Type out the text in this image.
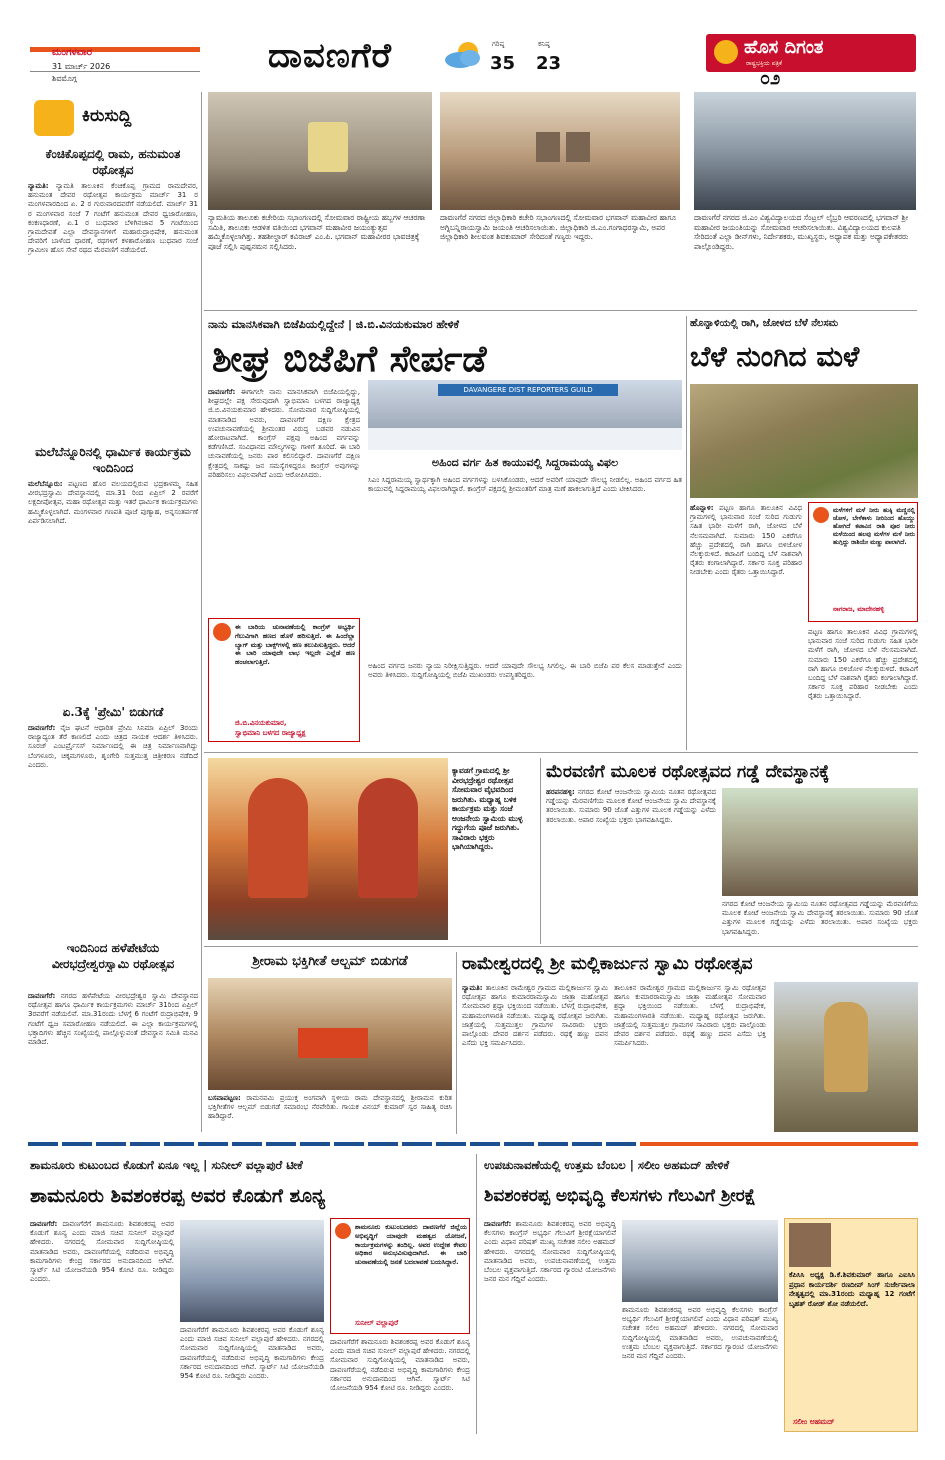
ಮಂಗಳವಾರ
31 ಮಾರ್ಚ್ 2026
ಶಿವಮೊಗ್ಗ
ದಾವಣಗೆರೆ	ಗರಿಷ್ಠ
35
ಕನಿಷ್ಠ
23
ಹೊಸ ದಿಗಂತ
ರಾಷ್ಟ್ರಭಕ್ತಿಯ ಪತ್ರಿಕೆ
೦೨
ಕಿರುಸುದ್ದಿ
ಕೆಂಚಿಕೊಪ್ಪದಲ್ಲಿ ರಾಮ, ಹನುಮಂತ ರಥೋತ್ಸವ
ನ್ಯಾಮತಿ: ನ್ಯಾಮತಿ ತಾಲೂಕಿನ ಕೆಂಚಿಕೊಪ್ಪ ಗ್ರಾಮದ ರಾಮದೇವರ, ಹನುಮಂತ ದೇವರ ರಥೋತ್ಸವ ಕಾರ್ಯಕ್ರಮ ಮಾರ್ಚ್ 31 ರ ಮಂಗಳವಾರದಿಂದ ಏ. 2 ರ ಗುರುವಾರದವರೆಗೆ ನಡೆಯಲಿದೆ. ಮಾರ್ಚ್ 31 ರ ಮಂಗಳವಾರ ಸಂಜೆ 7 ಗಂಟೆಗೆ ಹನುಮಂತ ದೇವರ ಧ್ವಜಾರೋಹಣ, ಕಂಕಣಧಾರಣೆ, ಏ.1 ರ ಬುಧವಾರ ಬೆಳಿಗಿನಜಾವ 5 ಗಂಟೆಯಿಂದ ಗ್ರಾಮದೇವತೆ ಎಲ್ಲಾ ದೇವಸ್ಥಾನಗಳಿಗೆ ಮಹಾರುದ್ರಾಭಿಷೇಕ, ಹನುಮಂತ ದೇವರಿಗೆ ಬಾಳೆಂದ ಧಾರಣೆ, ರಥಗಳಿಗೆ ಕಳಶಾರೋಹಣ ಬುಧವಾರ ಸಂಜೆ ಗ್ರಾಮೀಣ ಹೊಸ ಸೇವೆ ರಥದ ಮೆರವಣಿಗೆ ನಡೆಯಲಿದೆ.
ಮಲೆಬೆನ್ನೂರಿನಲ್ಲಿ ಧಾರ್ಮಿಕ ಕಾರ್ಯಕ್ರಮ ಇಂದಿನಿಂದ
ಮಲೆಬೆನ್ನೂರು: ಪಟ್ಟಣದ ಹೊರ ವಲಯದಲ್ಲಿರುವ ಭದ್ರಕಾಳಮ್ಮ ಸಹಿತ ವೀರಭದ್ರಸ್ವಾಮಿ ದೇವಸ್ಥಾನದಲ್ಲಿ ಮಾ.31 ರಿಂದ ಏಪ್ರಿಲ್ 2 ರವರೆಗೆ ಲಕ್ಷದೀಪೋತ್ಸವ, ಮಹಾ ರಥೋತ್ಸವ ಮತ್ತು ಇತರೆ ಧಾರ್ಮಿಕ ಕಾರ್ಯಕ್ರಮಗಳು ಹಮ್ಮಿಕೊಳ್ಳಲಾಗಿದೆ. ಮಂಗಳವಾರ ಗಣಪತಿ ಪೂಜೆ ಪುಣ್ಯಾಹ, ಅನ್ನಸಂತರ್ಪಣೆ ಏರ್ಪಡಿಸಲಾಗಿದೆ.
ಏ.3ಕ್ಕೆ 'ಪ್ರೇಮಿ' ಬಿಡುಗಡೆ
ದಾವಣಗೆರೆ: ನೈಜ ಘಟನೆ ಆಧಾರಿತ ಪ್ರೇಮಿ ಸಿನಿಮಾ ಏಪ್ರಿಲ್ 3ರಂದು ರಾಜ್ಯಾದ್ಯಂತ ತೆರೆ ಕಾಣಲಿದೆ ಎಂದು ಚಿತ್ರದ ನಾಯಕ ಆದರ್ಶ ತಿಳಿಸಿದರು. ಸೂರಜ್ ಎಂಟರ್ಪ್ರೈಸಸ್ ನಿರ್ಮಾಣದಲ್ಲಿ ಈ ಚಿತ್ರ ನಿರ್ಮಾಣವಾಗಿದ್ದು ಬೆಂಗಳೂರು, ಚಿಕ್ಕಮಗಳೂರು, ಶೃಂಗೇರಿ ಸುತ್ತಮುತ್ತ ಚಿತ್ರೀಕರಣ ನಡೆದಿದೆ ಎಂದರು.
ಇಂದಿನಿಂದ ಹಳೆಪೇಟೆಯ ವೀರಭದ್ರೇಶ್ವರಸ್ವಾಮಿ ರಥೋತ್ಸವ
ದಾವಣಗೆರೆ: ನಗರದ ಹಳೆಪೇಟೆಯ ವೀರಭದ್ರೇಶ್ವರ ಸ್ವಾಮಿ ದೇವಸ್ಥಾನದ ರಥೋತ್ಸವ ಹಾಗೂ ಧಾರ್ಮಿಕ ಕಾರ್ಯಕ್ರಮಗಳು ಮಾರ್ಚ್ 31ರಿಂದ ಏಪ್ರಿಲ್ 3ರವರೆಗೆ ನಡೆಯಲಿವೆ. ಮಾ.31ರಂದು ಬೆಳಗ್ಗೆ 6 ಗಂಟೆಗೆ ರುದ್ರಾಭಿಷೇಕ, 9 ಗಂಟೆಗೆ ಧ್ವಜ ಸಮಾರೋಹಣ ನಡೆಯಲಿದೆ. ಈ ಎಲ್ಲಾ ಕಾರ್ಯಕ್ರಮಗಳಲ್ಲಿ ಭಕ್ತಾದಿಗಳು ಹೆಚ್ಚಿನ ಸಂಖ್ಯೆಯಲ್ಲಿ ಪಾಲ್ಗೊಳ್ಳುವಂತೆ ದೇವಸ್ಥಾನ ಸಮಿತಿ ಮನವಿ ಮಾಡಿದೆ.
ನ್ಯಾಮತಿಯ ತಾಲೂಕು ಕಚೇರಿಯ ಸಭಾಂಗಣದಲ್ಲಿ ಸೋಮವಾರ ರಾಷ್ಟ್ರೀಯ ಹಬ್ಬಗಳ ಆಚರಣಾ ಸಮಿತಿ, ತಾಲೂಕು ಆಡಳಿತ ವತಿಯಿಂದ ಭಗವಾನ್ ಮಹಾವೀರ ಜಯಂತ್ಯುತ್ಸವ ಹಮ್ಮಿಕೊಳ್ಳಲಾಗಿತ್ತು. ತಹಶೀಲ್ದಾರ್ ಕವಿರಾಜ್ ಎಂ.ಪಿ. ಭಗವಾನ್ ಮಹಾವೀರರ ಭಾವಚಿತ್ರಕ್ಕೆ ಪೂಜೆ ಸಲ್ಲಿಸಿ ಪುಷ್ಪನಮನ ಸಲ್ಲಿಸಿದರು.
ದಾವಣಗೆರೆ ನಗರದ ಜಿಲ್ಲಾಧಿಕಾರಿ ಕಚೇರಿ ಸಭಾಂಗಣದಲ್ಲಿ ಸೋಮವಾರ ಭಗವಾನ್ ಮಹಾವೀರ ಹಾಗೂ ಅಗ್ನಿಬನ್ನಿರಾಯಸ್ವಾಮಿ ಜಯಂತಿ ಆಚರಿಸಲಾಯಿತು. ಜಿಲ್ಲಾಧಿಕಾರಿ ಜಿ.ಎಂ.ಗಂಗಾಧರಸ್ವಾಮಿ, ಅಪರ ಜಿಲ್ಲಾಧಿಕಾರಿ ಶೀಲವಂತ ಶಿವಕುಮಾರ್ ಸೇರಿದಂತೆ ಗಣ್ಯರು ಇದ್ದರು.
ದಾವಣಗೆರೆ ನಗರದ ಜಿ.ಎಂ ವಿಶ್ವವಿದ್ಯಾಲಯದ ಸೆಂಟ್ರಲ್ ಲೈಬ್ರರಿ ಆವರಣದಲ್ಲಿ ಭಗವಾನ್ ಶ್ರೀ ಮಹಾವೀರ ಜಯಂತಿಯನ್ನು ಸೋಮವಾರ ಆಚರಿಸಲಾಯಿತು. ವಿಶ್ವವಿದ್ಯಾಲಯದ ಕುಲಪತಿ ಸೇರಿದಂತೆ ಎಲ್ಲಾ ಡೀನ್‌ಗಳು, ನಿರ್ದೇಶಕರು, ಮುಖ್ಯಸ್ಥರು, ಅಧ್ಯಾಪಕ ಮತ್ತು ಅಧ್ಯಾಪಕೇತರರು ಪಾಲ್ಗೊಂಡಿದ್ದರು.
ನಾನು ಮಾನಸಿಕವಾಗಿ ಬಿಜೆಪಿಯಲ್ಲಿದ್ದೇನೆ | ಜಿ.ಬಿ.ವಿನಯಕುಮಾರ ಹೇಳಿಕೆ
ಶೀಘ್ರ ಬಿಜೆಪಿಗೆ ಸೇರ್ಪಡೆ
ದಾವಣಗೆರೆ: ಈಗಾಗಲೇ ನಾನು ಮಾನಸಿಕವಾಗಿ ಬಿಜೆಪಿಯಲ್ಲಿದ್ದು, ಶೀಘ್ರದಲ್ಲೇ ಪಕ್ಷ ಸೇರುವುದಾಗಿ ಸ್ವಾಭಿಮಾನಿ ಬಳಗದ ರಾಜ್ಯಾಧ್ಯಕ್ಷ ಜಿ.ಬಿ.ವಿನಯಕುಮಾರ ಹೇಳಿದರು. ಸೋಮವಾರ ಸುದ್ದಿಗೋಷ್ಠಿಯಲ್ಲಿ ಮಾತನಾಡಿದ ಅವರು, ದಾವಣಗೆರೆ ದಕ್ಷಿಣ ಕ್ಷೇತ್ರದ ಉಪಚುನಾವಣೆಯಲ್ಲಿ ಶ್ರೀಮಂತರ ವಿರುದ್ಧ ಬಡವರ ನಡುವಿನ ಹೋರಾಟವಾಗಿದೆ. ಕಾಂಗ್ರೆಸ್ ಪಕ್ಷವು ಅಹಿಂದ ವರ್ಗವನ್ನು ಕಡೆಗಣಿಸಿದೆ. ಸಂವಿಧಾನದ ಮೌಲ್ಯಗಳನ್ನು ಗಾಳಿಗೆ ತೂರಿದೆ. ಈ ಬಾರಿ ಚುನಾವಣೆಯಲ್ಲಿ ಜನರು ಪಾಠ ಕಲಿಸಲಿದ್ದಾರೆ. ದಾವಣಗೆರೆ ದಕ್ಷಿಣ ಕ್ಷೇತ್ರದಲ್ಲಿ ಸಾಕಷ್ಟು ಜನ ಸಮಸ್ಯೆಗಳಿದ್ದರೂ ಕಾಂಗ್ರೆಸ್ ಅವುಗಳನ್ನು ಪರಿಹರಿಸಲು ವಿಫಲವಾಗಿದೆ ಎಂದು ಆರೋಪಿಸಿದರು.
DAVANGERE DIST REPORTERS GUILD
ಅಹಿಂದ ವರ್ಗ ಹಿತ ಕಾಯುವಲ್ಲಿ ಸಿದ್ದರಾಮಯ್ಯ ವಿಫಲ
ಸಿಎಂ ಸಿದ್ದರಾಮಯ್ಯ ಸ್ವಾರ್ಥಕ್ಕಾಗಿ ಅಹಿಂದ ವರ್ಗಗಳನ್ನು ಬಳಸಿಕೊಂಡರು, ಆದರೆ ಅವರಿಗೆ ಯಾವುದೇ ಸೌಲಭ್ಯ ನೀಡಲಿಲ್ಲ. ಅಹಿಂದ ವರ್ಗದ ಹಿತ ಕಾಯುವಲ್ಲಿ ಸಿದ್ದರಾಮಯ್ಯ ವಿಫಲರಾಗಿದ್ದಾರೆ. ಕಾಂಗ್ರೆಸ್ ಪಕ್ಷದಲ್ಲಿ ಶ್ರೀಮಂತರಿಗೆ ಮಾತ್ರ ಮಣೆ ಹಾಕಲಾಗುತ್ತಿದೆ ಎಂದು ಟೀಕಿಸಿದರು.
ಈ ಬಾರಿಯ ಚುನಾವಣೆಯಲ್ಲಿ ಕಾಂಗ್ರೆಸ್ ಅಭ್ಯರ್ಥಿ ಗೆಲುವಿಗಾಗಿ ಹಣದ ಹೊಳೆ ಹರಿಸುತ್ತಿದೆ. ಈ ಹಿಂದೆಲ್ಲಾ ಬ್ಯಾಗ್ ಮತ್ತು ಬಾಕ್ಸ್‌ಗಳಲ್ಲಿ ಹಣ ತಲುಪಿಸುತ್ತಿದ್ದರು. ಆದರೆ ಈ ಬಾರಿ ಯಾವುದೇ ಲಾಭ ಇಲ್ಲದೇ ಎಲ್ಲೆಡೆ ಹಣ ಹಂಚಲಾಗುತ್ತಿದೆ.
ಜಿ.ಬಿ.ವಿನಯಕುಮಾರ,
ಸ್ವಾಭಿಮಾನಿ ಬಳಗದ ರಾಜ್ಯಾಧ್ಯಕ್ಷ
ಅಹಿಂದ ವರ್ಗದ ಜನರು ನ್ಯಾಯ ನಿರೀಕ್ಷಿಸುತ್ತಿದ್ದರು. ಆದರೆ ಯಾವುದೇ ಸೌಲಭ್ಯ ಸಿಗಲಿಲ್ಲ. ಈ ಬಾರಿ ಬಿಜೆಪಿ ಪರ ಕೆಲಸ ಮಾಡುತ್ತೇನೆ ಎಂದು ಅವರು ತಿಳಿಸಿದರು. ಸುದ್ದಿಗೋಷ್ಠಿಯಲ್ಲಿ ಬಿಜೆಪಿ ಮುಖಂಡರು ಉಪಸ್ಥಿತರಿದ್ದರು.
ಹೊನ್ನಾಳಿಯಲ್ಲಿ ರಾಗಿ, ಜೋಳದ ಬೆಳೆ ನೆಲಸಮ
ಬೆಳೆ ನುಂಗಿದ ಮಳೆ
ಹೊನ್ನಾಳಿ: ಪಟ್ಟಣ ಹಾಗೂ ತಾಲೂಕಿನ ವಿವಿಧ ಗ್ರಾಮಗಳಲ್ಲಿ ಭಾನುವಾರ ಸಂಜೆ ಸುರಿದ ಗುಡುಗು ಸಹಿತ ಭಾರೀ ಮಳೆಗೆ ರಾಗಿ, ಜೋಳದ ಬೆಳೆ ನೆಲಸಮವಾಗಿದೆ. ಸುಮಾರು 150 ಎಕರೆಗೂ ಹೆಚ್ಚು ಪ್ರದೇಶದಲ್ಲಿ ರಾಗಿ ಹಾಗೂ ಬಿಳಿಜೋಳ ನೆಲಕ್ಕುರುಳಿದೆ. ಕಟಾವಿಗೆ ಬಂದಿದ್ದ ಬೆಳೆ ನಾಶವಾಗಿ ರೈತರು ಕಂಗಾಲಾಗಿದ್ದಾರೆ. ಸರ್ಕಾರ ಸೂಕ್ತ ಪರಿಹಾರ ನೀಡಬೇಕು ಎಂದು ರೈತರು ಒತ್ತಾಯಿಸಿದ್ದಾರೆ.
ಮಳೆಗಳಿಗೆ ಮಳೆ ನೀರು ಹುಕ್ಕಿ ಮಣ್ಣಿನಲ್ಲಿ ಜೋಳ, ಬೇಳೆಕಾಳು ನೀರಿನಿಂದ ಹೊಯ್ದು ಹೋಗಿದೆ ಕಟಾವಿನ ರಾಶಿ ಪೂರ ನೀರು ಮಳೆಯಿಂದ ಹಲವು ಮಳೆಗಳ ಮಳೆ ನೀರು ಹುಗ್ಗಿದ್ದು ರಾಶಿಯೇ ಮಣ್ಣು ಪಾಲಾಗಿದೆ.
ನಾಗರಾಜ, ಮಾದೇನಹಳ್ಳಿ
ಪಟ್ಟಣ ಹಾಗೂ ತಾಲೂಕಿನ ವಿವಿಧ ಗ್ರಾಮಗಳಲ್ಲಿ ಭಾನುವಾರ ಸಂಜೆ ಸುರಿದ ಗುಡುಗು ಸಹಿತ ಭಾರೀ ಮಳೆಗೆ ರಾಗಿ, ಜೋಳದ ಬೆಳೆ ನೆಲಸಮವಾಗಿದೆ. ಸುಮಾರು 150 ಎಕರೆಗೂ ಹೆಚ್ಚು ಪ್ರದೇಶದಲ್ಲಿ ರಾಗಿ ಹಾಗೂ ಬಿಳಿಜೋಳ ನೆಲಕ್ಕುರುಳಿದೆ. ಕಟಾವಿಗೆ ಬಂದಿದ್ದ ಬೆಳೆ ನಾಶವಾಗಿ ರೈತರು ಕಂಗಾಲಾಗಿದ್ದಾರೆ. ಸರ್ಕಾರ ಸೂಕ್ತ ಪರಿಹಾರ ನೀಡಬೇಕು ಎಂದು ರೈತರು ಒತ್ತಾಯಿಸಿದ್ದಾರೆ.
ಕ್ಯಾವಡಗೆ ಗ್ರಾಮದಲ್ಲಿ ಶ್ರೀ ವೀರಭದ್ರೇಶ್ವರ ರಥೋತ್ಸವ ಸೋಮವಾರ ವೈಭವದಿಂದ ಜರುಗಿತು. ಮಧ್ಯಾಹ್ನ ಬಳಿಕ ಕಾರ್ಯಕ್ರಮ ಮತ್ತು ಸಂಜೆ ಆಂಜನೇಯ ಸ್ವಾಮಿಯ ಮುಳ್ಳ ಗದ್ದುಗೆಯ ಪೂಜೆ ಜರುಗಿತು. ಸಾವಿರಾರು ಭಕ್ತರು ಭಾಗಿಯಾಗಿದ್ದರು.
ಮೆರವಣಿಗೆ ಮೂಲಕ ರಥೋತ್ಸವದ ಗಡ್ಡೆ ದೇವಸ್ಥಾನಕ್ಕೆ
ಹರಪನಹಳ್ಳಿ: ನಗರದ ಕೋಟೆ ಆಂಜನೇಯ ಸ್ವಾಮಿಯ ನೂತನ ರಥೋತ್ಸವದ ಗಡ್ಡೆಯನ್ನು ಮೆರವಣಿಗೆಯ ಮೂಲಕ ಕೋಟೆ ಆಂಜನೇಯ ಸ್ವಾಮಿ ದೇವಸ್ಥಾನಕ್ಕೆ ತರಲಾಯಿತು. ಸುಮಾರು 90 ಜೊತೆ ಎತ್ತುಗಳ ಮೂಲಕ ಗಡ್ಡೆಯನ್ನು ಎಳೆದು ತರಲಾಯಿತು. ಅಪಾರ ಸಂಖ್ಯೆಯ ಭಕ್ತರು ಭಾಗವಹಿಸಿದ್ದರು.
ನಗರದ ಕೋಟೆ ಆಂಜನೇಯ ಸ್ವಾಮಿಯ ನೂತನ ರಥೋತ್ಸವದ ಗಡ್ಡೆಯನ್ನು ಮೆರವಣಿಗೆಯ ಮೂಲಕ ಕೋಟೆ ಆಂಜನೇಯ ಸ್ವಾಮಿ ದೇವಸ್ಥಾನಕ್ಕೆ ತರಲಾಯಿತು. ಸುಮಾರು 90 ಜೊತೆ ಎತ್ತುಗಳ ಮೂಲಕ ಗಡ್ಡೆಯನ್ನು ಎಳೆದು ತರಲಾಯಿತು. ಅಪಾರ ಸಂಖ್ಯೆಯ ಭಕ್ತರು ಭಾಗವಹಿಸಿದ್ದರು.
ಶ್ರೀರಾಮ ಭಕ್ತಿಗೀತೆ ಆಲ್ಬಮ್ ಬಿಡುಗಡೆ
ಬಸವಾಪಟ್ಟಣ: ರಾಮನವಮಿ ಪ್ರಯುಕ್ತ ಅಂಗವಾಗಿ ಸ್ಥಳೀಯ ರಾಮ ದೇವಸ್ಥಾನದಲ್ಲಿ ಶ್ರೀರಾಮನ ಕುರಿತ ಭಕ್ತಿಗೀತೆಗಳ ಆಲ್ಬಮ್ ಬಿಡುಗಡೆ ಸಮಾರಂಭ ನೆರವೇರಿತು. ಗಾಯಕ ವಿನಯ್ ಕುಮಾರ್ ಸ್ವರ ಸಾಹಿತ್ಯ ರಚಿಸಿ ಹಾಡಿದ್ದಾರೆ.
ರಾಮೇಶ್ವರದಲ್ಲಿ ಶ್ರೀ ಮಲ್ಲಿಕಾರ್ಜುನ ಸ್ವಾಮಿ ರಥೋತ್ಸವ
ನ್ಯಾಮತಿ: ತಾಲೂಕಿನ ರಾಮೇಶ್ವರ ಗ್ರಾಮದ ಮಲ್ಲಿಕಾರ್ಜುನ ಸ್ವಾಮಿ ರಥೋತ್ಸವ ಹಾಗೂ ಕುಮಾರರಾಮಸ್ವಾಮಿ ಜಾತ್ರಾ ಮಹೋತ್ಸವ ಸೋಮವಾರ ಶ್ರದ್ಧಾ ಭಕ್ತಿಯಿಂದ ನಡೆಯಿತು. ಬೆಳಗ್ಗೆ ರುದ್ರಾಭಿಷೇಕ, ಮಹಾಮಂಗಳಾರತಿ ನಡೆಯಿತು. ಮಧ್ಯಾಹ್ನ ರಥೋತ್ಸವ ಜರುಗಿತು. ಜಾತ್ರೆಯಲ್ಲಿ ಸುತ್ತಮುತ್ತಲ ಗ್ರಾಮಗಳ ಸಾವಿರಾರು ಭಕ್ತರು ಪಾಲ್ಗೊಂಡು ದೇವರ ದರ್ಶನ ಪಡೆದರು. ರಥಕ್ಕೆ ಹಣ್ಣು ದವನ ಎಸೆದು ಭಕ್ತಿ ಸಮರ್ಪಿಸಿದರು.
ತಾಲೂಕಿನ ರಾಮೇಶ್ವರ ಗ್ರಾಮದ ಮಲ್ಲಿಕಾರ್ಜುನ ಸ್ವಾಮಿ ರಥೋತ್ಸವ ಹಾಗೂ ಕುಮಾರರಾಮಸ್ವಾಮಿ ಜಾತ್ರಾ ಮಹೋತ್ಸವ ಸೋಮವಾರ ಶ್ರದ್ಧಾ ಭಕ್ತಿಯಿಂದ ನಡೆಯಿತು. ಬೆಳಗ್ಗೆ ರುದ್ರಾಭಿಷೇಕ, ಮಹಾಮಂಗಳಾರತಿ ನಡೆಯಿತು. ಮಧ್ಯಾಹ್ನ ರಥೋತ್ಸವ ಜರುಗಿತು. ಜಾತ್ರೆಯಲ್ಲಿ ಸುತ್ತಮುತ್ತಲ ಗ್ರಾಮಗಳ ಸಾವಿರಾರು ಭಕ್ತರು ಪಾಲ್ಗೊಂಡು ದೇವರ ದರ್ಶನ ಪಡೆದರು. ರಥಕ್ಕೆ ಹಣ್ಣು ದವನ ಎಸೆದು ಭಕ್ತಿ ಸಮರ್ಪಿಸಿದರು.
ಶಾಮನೂರು ಕುಟುಂಬದ ಕೊಡುಗೆ ಏನೂ ಇಲ್ಲ | ಸುನೀಲ್ ವಲ್ಲಾಪುರೆ ಟೀಕೆ
ಶಾಮನೂರು ಶಿವಶಂಕರಪ್ಪ ಅವರ ಕೊಡುಗೆ ಶೂನ್ಯ
ದಾವಣಗೆರೆ: ದಾವಣಗೆರೆಗೆ ಶಾಮನೂರು ಶಿವಶಂಕರಪ್ಪ ಅವರ ಕೊಡುಗೆ ಶೂನ್ಯ ಎಂದು ಮಾಜಿ ಸಚಿವ ಸುನೀಲ್ ವಲ್ಲಾಪುರೆ ಹೇಳಿದರು. ನಗರದಲ್ಲಿ ಸೋಮವಾರ ಸುದ್ದಿಗೋಷ್ಠಿಯಲ್ಲಿ ಮಾತನಾಡಿದ ಅವರು, ದಾವಣಗೆರೆಯಲ್ಲಿ ನಡೆದಿರುವ ಅಭಿವೃದ್ಧಿ ಕಾಮಗಾರಿಗಳು ಕೇಂದ್ರ ಸರ್ಕಾರದ ಅನುದಾನದಿಂದ ಆಗಿವೆ. ಸ್ಮಾರ್ಟ್ ಸಿಟಿ ಯೋಜನೆಯಡಿ 954 ಕೋಟಿ ರೂ. ನೀಡಿದ್ದರು ಎಂದರು.
ಶಾಮನೂರು ಕುಟುಂಬದವರು ದಾವಣಗೆರೆ ಜಿಲ್ಲೆಯ ಅಭಿವೃದ್ಧಿಗೆ ಯಾವುದೇ ಮಹತ್ವದ ಯೋಜನೆ, ಕಾರ್ಯಕ್ರಮಗಳನ್ನು ತಂದಿಲ್ಲ. ಅವರ ಉದ್ದೇಶ ಕೇವಲ ಅಧಿಕಾರ ಅನುಭವಿಸುವುದಾಗಿದೆ. ಈ ಬಾರಿ ಚುನಾವಣೆಯಲ್ಲಿ ಜನತೆ ಬದಲಾವಣೆ ಬಯಸಿದ್ದಾರೆ.
ಸುನೀಲ್ ವಲ್ಲಾಪುರೆ
ದಾವಣಗೆರೆಗೆ ಶಾಮನೂರು ಶಿವಶಂಕರಪ್ಪ ಅವರ ಕೊಡುಗೆ ಶೂನ್ಯ ಎಂದು ಮಾಜಿ ಸಚಿವ ಸುನೀಲ್ ವಲ್ಲಾಪುರೆ ಹೇಳಿದರು. ನಗರದಲ್ಲಿ ಸೋಮವಾರ ಸುದ್ದಿಗೋಷ್ಠಿಯಲ್ಲಿ ಮಾತನಾಡಿದ ಅವರು, ದಾವಣಗೆರೆಯಲ್ಲಿ ನಡೆದಿರುವ ಅಭಿವೃದ್ಧಿ ಕಾಮಗಾರಿಗಳು ಕೇಂದ್ರ ಸರ್ಕಾರದ ಅನುದಾನದಿಂದ ಆಗಿವೆ. ಸ್ಮಾರ್ಟ್ ಸಿಟಿ ಯೋಜನೆಯಡಿ 954 ಕೋಟಿ ರೂ. ನೀಡಿದ್ದರು ಎಂದರು.
ದಾವಣಗೆರೆಗೆ ಶಾಮನೂರು ಶಿವಶಂಕರಪ್ಪ ಅವರ ಕೊಡುಗೆ ಶೂನ್ಯ ಎಂದು ಮಾಜಿ ಸಚಿವ ಸುನೀಲ್ ವಲ್ಲಾಪುರೆ ಹೇಳಿದರು. ನಗರದಲ್ಲಿ ಸೋಮವಾರ ಸುದ್ದಿಗೋಷ್ಠಿಯಲ್ಲಿ ಮಾತನಾಡಿದ ಅವರು, ದಾವಣಗೆರೆಯಲ್ಲಿ ನಡೆದಿರುವ ಅಭಿವೃದ್ಧಿ ಕಾಮಗಾರಿಗಳು ಕೇಂದ್ರ ಸರ್ಕಾರದ ಅನುದಾನದಿಂದ ಆಗಿವೆ. ಸ್ಮಾರ್ಟ್ ಸಿಟಿ ಯೋಜನೆಯಡಿ 954 ಕೋಟಿ ರೂ. ನೀಡಿದ್ದರು ಎಂದರು.
ಉಪಚುನಾವಣೆಯಲ್ಲಿ ಉತ್ತಮ ಬೆಂಬಲ | ಸಲೀಂ ಅಹಮದ್ ಹೇಳಿಕೆ
ಶಿವಶಂಕರಪ್ಪ ಅಭಿವೃದ್ಧಿ ಕೆಲಸಗಳು ಗೆಲುವಿಗೆ ಶ್ರೀರಕ್ಷೆ
ದಾವಣಗೆರೆ: ಶಾಮನೂರು ಶಿವಶಂಕರಪ್ಪ ಅವರ ಅಭಿವೃದ್ಧಿ ಕೆಲಸಗಳು ಕಾಂಗ್ರೆಸ್ ಅಭ್ಯರ್ಥಿ ಗೆಲುವಿಗೆ ಶ್ರೀರಕ್ಷೆಯಾಗಲಿವೆ ಎಂದು ವಿಧಾನ ಪರಿಷತ್ ಮುಖ್ಯ ಸಚೇತಕ ಸಲೀಂ ಅಹಮದ್ ಹೇಳಿದರು. ನಗರದಲ್ಲಿ ಸೋಮವಾರ ಸುದ್ದಿಗೋಷ್ಠಿಯಲ್ಲಿ ಮಾತನಾಡಿದ ಅವರು, ಉಪಚುನಾವಣೆಯಲ್ಲಿ ಉತ್ತಮ ಬೆಂಬಲ ವ್ಯಕ್ತವಾಗುತ್ತಿದೆ. ಸರ್ಕಾರದ ಗ್ಯಾರಂಟಿ ಯೋಜನೆಗಳು ಜನರ ಮನ ಗೆದ್ದಿವೆ ಎಂದರು.
ಶಾಮನೂರು ಶಿವಶಂಕರಪ್ಪ ಅವರ ಅಭಿವೃದ್ಧಿ ಕೆಲಸಗಳು ಕಾಂಗ್ರೆಸ್ ಅಭ್ಯರ್ಥಿ ಗೆಲುವಿಗೆ ಶ್ರೀರಕ್ಷೆಯಾಗಲಿವೆ ಎಂದು ವಿಧಾನ ಪರಿಷತ್ ಮುಖ್ಯ ಸಚೇತಕ ಸಲೀಂ ಅಹಮದ್ ಹೇಳಿದರು. ನಗರದಲ್ಲಿ ಸೋಮವಾರ ಸುದ್ದಿಗೋಷ್ಠಿಯಲ್ಲಿ ಮಾತನಾಡಿದ ಅವರು, ಉಪಚುನಾವಣೆಯಲ್ಲಿ ಉತ್ತಮ ಬೆಂಬಲ ವ್ಯಕ್ತವಾಗುತ್ತಿದೆ. ಸರ್ಕಾರದ ಗ್ಯಾರಂಟಿ ಯೋಜನೆಗಳು ಜನರ ಮನ ಗೆದ್ದಿವೆ ಎಂದರು.
ಕೆಪಿಸಿಸಿ ಅಧ್ಯಕ್ಷ ಡಿ.ಕೆ.ಶಿವಕುಮಾರ್ ಹಾಗೂ ಎಐಸಿಸಿ ಪ್ರಧಾನ ಕಾರ್ಯದರ್ಶಿ ರಣದೀಪ್ ಸಿಂಗ್ ಸುರ್ಜೇವಾಲಾ ನೇತೃತ್ವದಲ್ಲಿ ಮಾ.31ರಂದು ಮಧ್ಯಾಹ್ನ 12 ಗಂಟೆಗೆ ಬೃಹತ್ ರೋಡ್ ಶೋ ನಡೆಯಲಿದೆ.
ಸಲೀಂ ಅಹಮದ್
